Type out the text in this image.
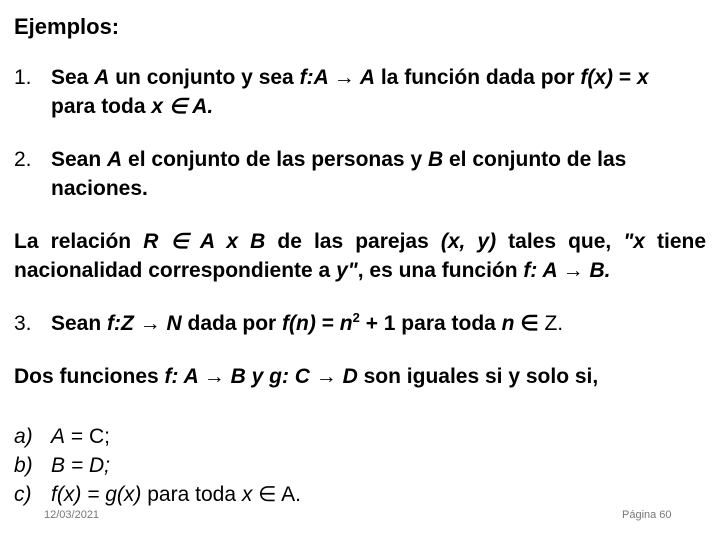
Ejemplos:
1. Sea A un conjunto y sea f:A → A la función dada por f(x) = x
para toda x ∈ A.
2. Sean A el conjunto de las personas y B el conjunto de las
naciones.
La relación R ∈ A x B de las parejas (x, y) tales que, "x tiene
nacionalidad correspondiente a y", es una función f: A → B.
3. Sean f:Z → N dada por $f(n) = n^2 + 1$ para toda n ∈ Z.
Dos funciones f: A → B y g: C → D son iguales si y solo si,
a) A = C;
b) B = D;
c) f(x) = g(x) para toda x ∈ A.
12/03/2021	Página 60
